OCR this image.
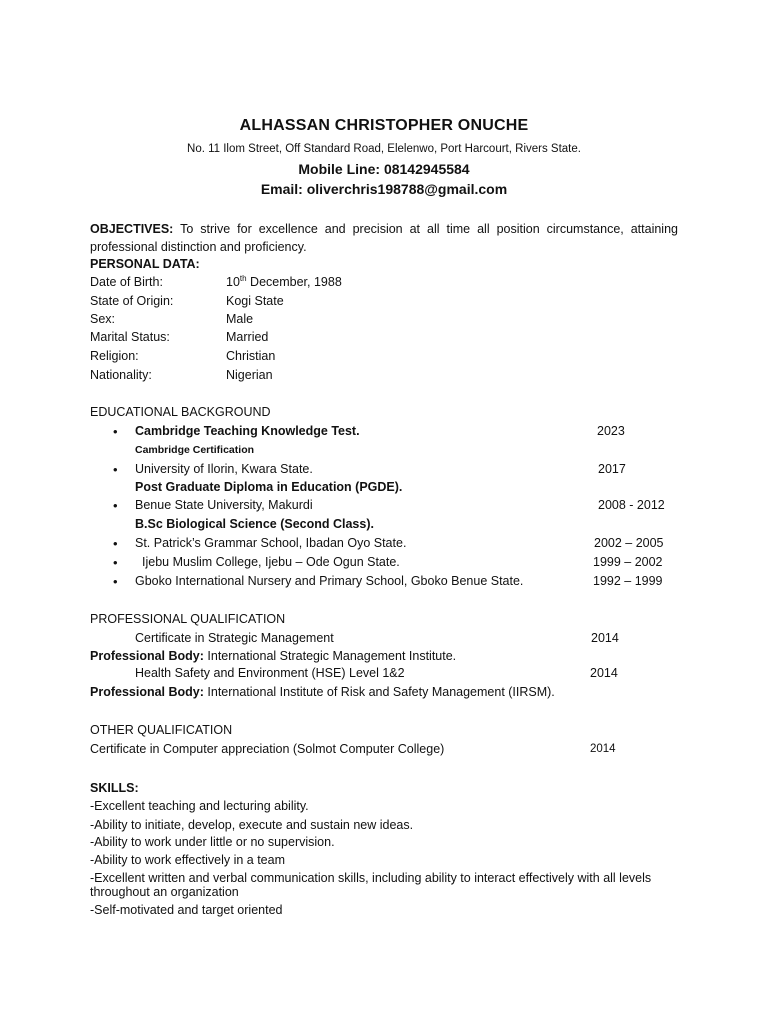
ALHASSAN CHRISTOPHER ONUCHE
No. 11 Ilom Street, Off Standard Road, Elelenwo, Port Harcourt, Rivers State.
Mobile Line: 08142945584
Email: oliverchris198788@gmail.com
OBJECTIVES: To strive for excellence and precision at all time all position circumstance, attaining professional distinction and proficiency.
PERSONAL DATA:
Date of Birth:	10th December, 1988
State of Origin:	Kogi State
Sex:	Male
Marital Status:	Married
Religion:	Christian
Nationality:	Nigerian
EDUCATIONAL BACKGROUND
• Cambridge Teaching Knowledge Test.	2023
Cambridge Certification
• University of Ilorin, Kwara State.	2017
Post Graduate Diploma in Education (PGDE).
• Benue State University, Makurdi	2008 - 2012
B.Sc Biological Science (Second Class).
• St. Patrick’s Grammar School, Ibadan Oyo State.	2002 – 2005
• Ijebu Muslim College, Ijebu – Ode Ogun State.	1999 – 2002
• Gboko International Nursery and Primary School, Gboko Benue State.	1992 – 1999
PROFESSIONAL QUALIFICATION
Certificate in Strategic Management	2014
Professional Body: International Strategic Management Institute.
Health Safety and Environment (HSE) Level 1&2	2014
Professional Body: International Institute of Risk and Safety Management (IIRSM).
OTHER QUALIFICATION
Certificate in Computer appreciation (Solmot Computer College)	2014
SKILLS:
-Excellent teaching and lecturing ability.
-Ability to initiate, develop, execute and sustain new ideas.
-Ability to work under little or no supervision.
-Ability to work effectively in a team
-Excellent written and verbal communication skills, including ability to interact effectively with all levels throughout an organization
-Self-motivated and target oriented
